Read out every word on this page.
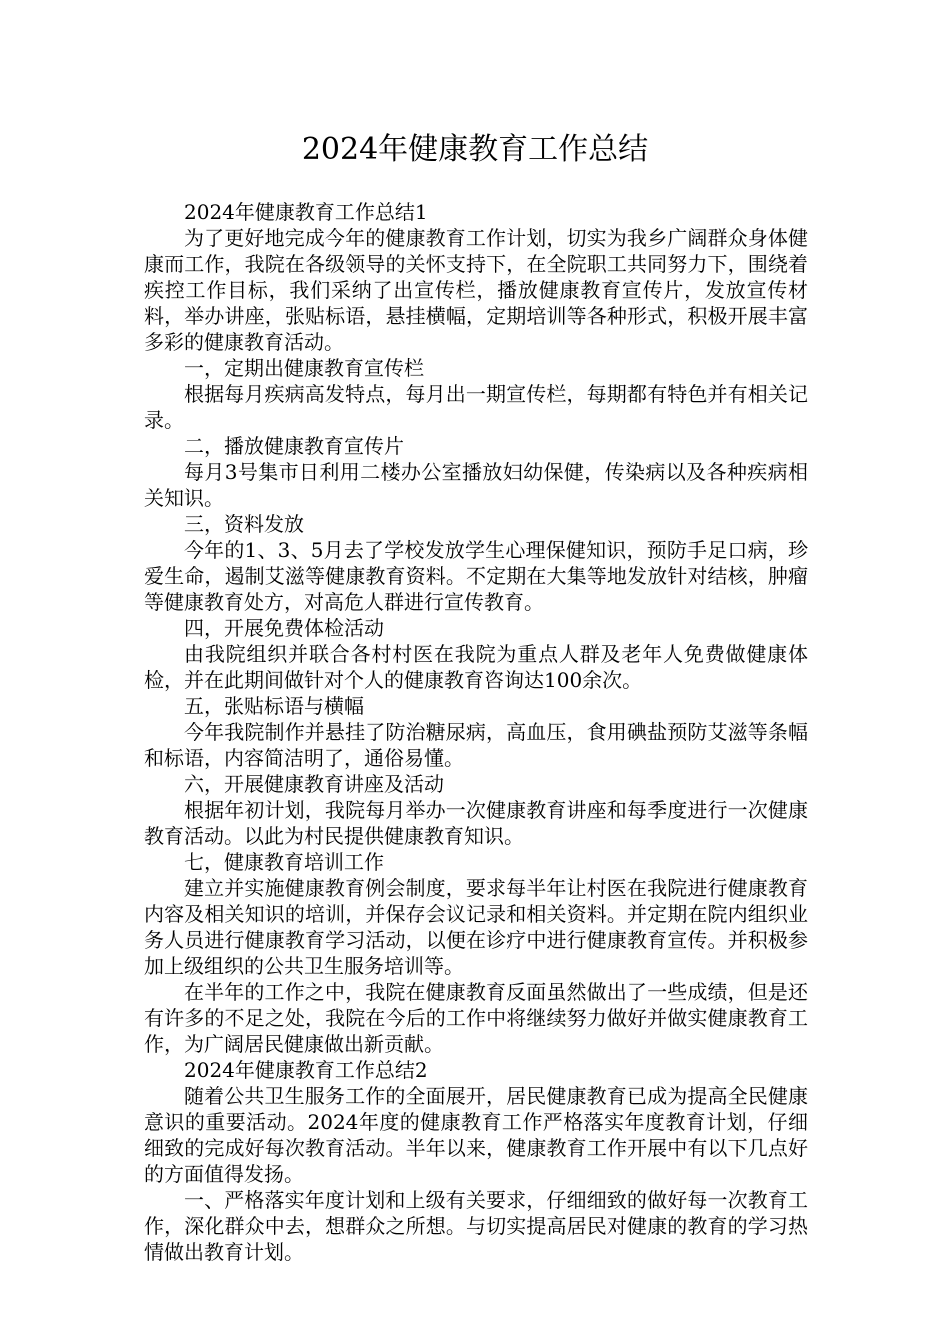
2024年健康教育工作总结

2024年健康教育工作总结1

为了更好地完成今年的健康教育工作计划，切实为我乡广阔群众身体健康而工作，我院在各级领导的关怀支持下，在全院职工共同努力下，围绕着疾控工作目标，我们采纳了出宣传栏，播放健康教育宣传片，发放宣传材料，举办讲座，张贴标语，悬挂横幅，定期培训等各种形式，积极开展丰富多彩的健康教育活动。

一，定期出健康教育宣传栏

根据每月疾病高发特点，每月出一期宣传栏，每期都有特色并有相关记录。

二，播放健康教育宣传片

每月3号集市日利用二楼办公室播放妇幼保健，传染病以及各种疾病相关知识。

三，资料发放

今年的1、3、5月去了学校发放学生心理保健知识，预防手足口病，珍爱生命，遏制艾滋等健康教育资料。不定期在大集等地发放针对结核，肿瘤等健康教育处方，对高危人群进行宣传教育。

四，开展免费体检活动

由我院组织并联合各村村医在我院为重点人群及老年人免费做健康体检，并在此期间做针对个人的健康教育咨询达100余次。

五，张贴标语与横幅

今年我院制作并悬挂了防治糖尿病，高血压，食用碘盐预防艾滋等条幅和标语，内容简洁明了，通俗易懂。

六，开展健康教育讲座及活动

根据年初计划，我院每月举办一次健康教育讲座和每季度进行一次健康教育活动。以此为村民提供健康教育知识。

七，健康教育培训工作

建立并实施健康教育例会制度，要求每半年让村医在我院进行健康教育内容及相关知识的培训，并保存会议记录和相关资料。并定期在院内组织业务人员进行健康教育学习活动，以便在诊疗中进行健康教育宣传。并积极参加上级组织的公共卫生服务培训等。

在半年的工作之中，我院在健康教育反面虽然做出了一些成绩，但是还有许多的不足之处，我院在今后的工作中将继续努力做好并做实健康教育工作，为广阔居民健康做出新贡献。

2024年健康教育工作总结2

随着公共卫生服务工作的全面展开，居民健康教育已成为提高全民健康意识的重要活动。2024年度的健康教育工作严格落实年度教育计划，仔细细致的完成好每次教育活动。半年以来，健康教育工作开展中有以下几点好的方面值得发扬。

一、严格落实年度计划和上级有关要求，仔细细致的做好每一次教育工作，深化群众中去，想群众之所想。与切实提高居民对健康的教育的学习热情做出教育计划。
